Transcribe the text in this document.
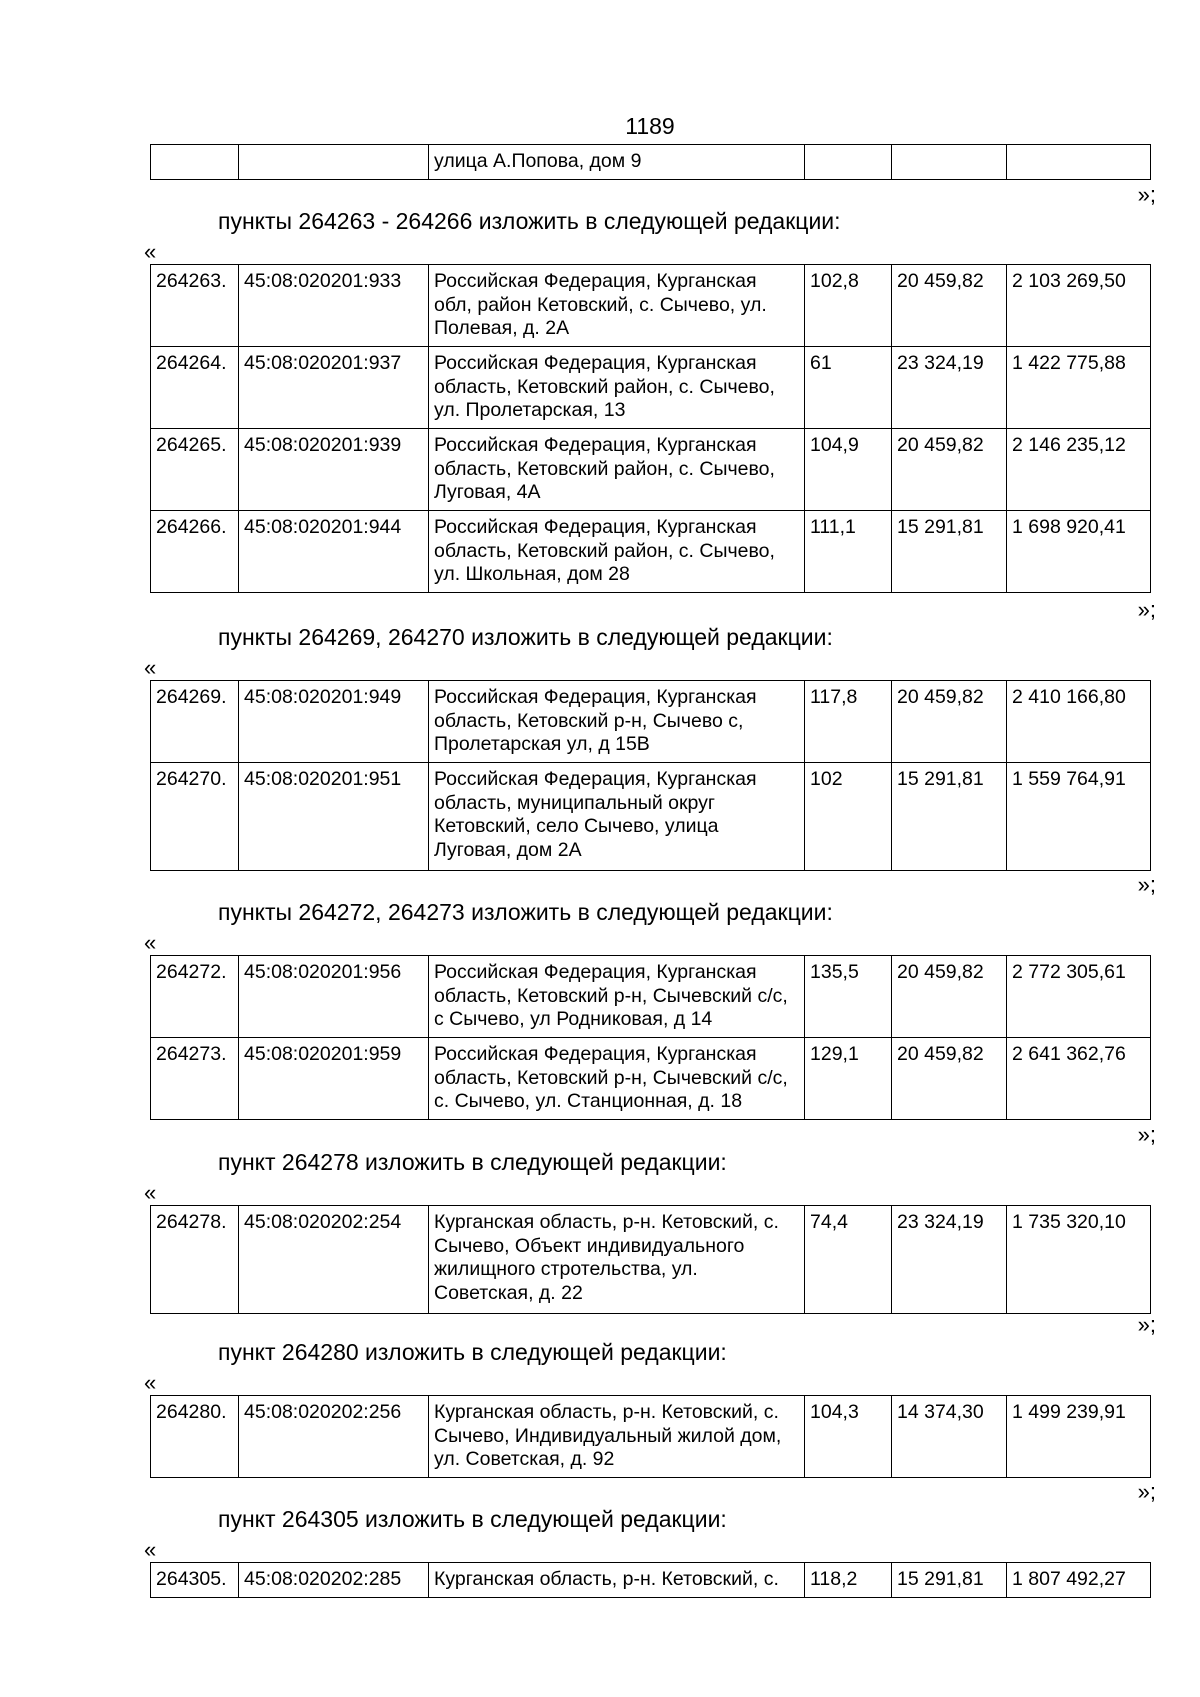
1189
		улица А.Попова, дом 9			
»;
пункты 264263 - 264266 изложить в следующей редакции:
«
264263.	45:08:020201:933	Российская Федерация, Курганская обл, район Кетовский, с. Сычево, ул. Полевая, д. 2А	102,8	20 459,82	2 103 269,50
264264.	45:08:020201:937	Российская Федерация, Курганская область, Кетовский район, с. Сычево, ул. Пролетарская, 13	61	23 324,19	1 422 775,88
264265.	45:08:020201:939	Российская Федерация, Курганская область, Кетовский район, с. Сычево, Луговая, 4А	104,9	20 459,82	2 146 235,12
264266.	45:08:020201:944	Российская Федерация, Курганская область, Кетовский район, с. Сычево, ул. Школьная, дом 28	111,1	15 291,81	1 698 920,41
»;
пункты 264269, 264270 изложить в следующей редакции:
«
264269.	45:08:020201:949	Российская Федерация, Курганская область, Кетовский р-н, Сычево с, Пролетарская ул, д 15В	117,8	20 459,82	2 410 166,80
264270.	45:08:020201:951	Российская Федерация, Курганская область, муниципальный округ Кетовский, село Сычево, улица Луговая, дом 2А	102	15 291,81	1 559 764,91
»;
пункты 264272, 264273 изложить в следующей редакции:
«
264272.	45:08:020201:956	Российская Федерация, Курганская область, Кетовский р-н, Сычевский с/с, с Сычево, ул Родниковая, д 14	135,5	20 459,82	2 772 305,61
264273.	45:08:020201:959	Российская Федерация, Курганская область, Кетовский р-н, Сычевский с/с, с. Сычево, ул. Станционная, д. 18	129,1	20 459,82	2 641 362,76
»;
пункт 264278 изложить в следующей редакции:
«
264278.	45:08:020202:254	Курганская область, р-н. Кетовский, с. Сычево, Объект индивидуального жилищного стротельства, ул. Советская, д. 22	74,4	23 324,19	1 735 320,10
»;
пункт 264280 изложить в следующей редакции:
«
264280.	45:08:020202:256	Курганская область, р-н. Кетовский, с. Сычево, Индивидуальный жилой дом, ул. Советская, д. 92	104,3	14 374,30	1 499 239,91
»;
пункт 264305 изложить в следующей редакции:
«
264305.	45:08:020202:285	Курганская область, р-н. Кетовский, с.	118,2	15 291,81	1 807 492,27
